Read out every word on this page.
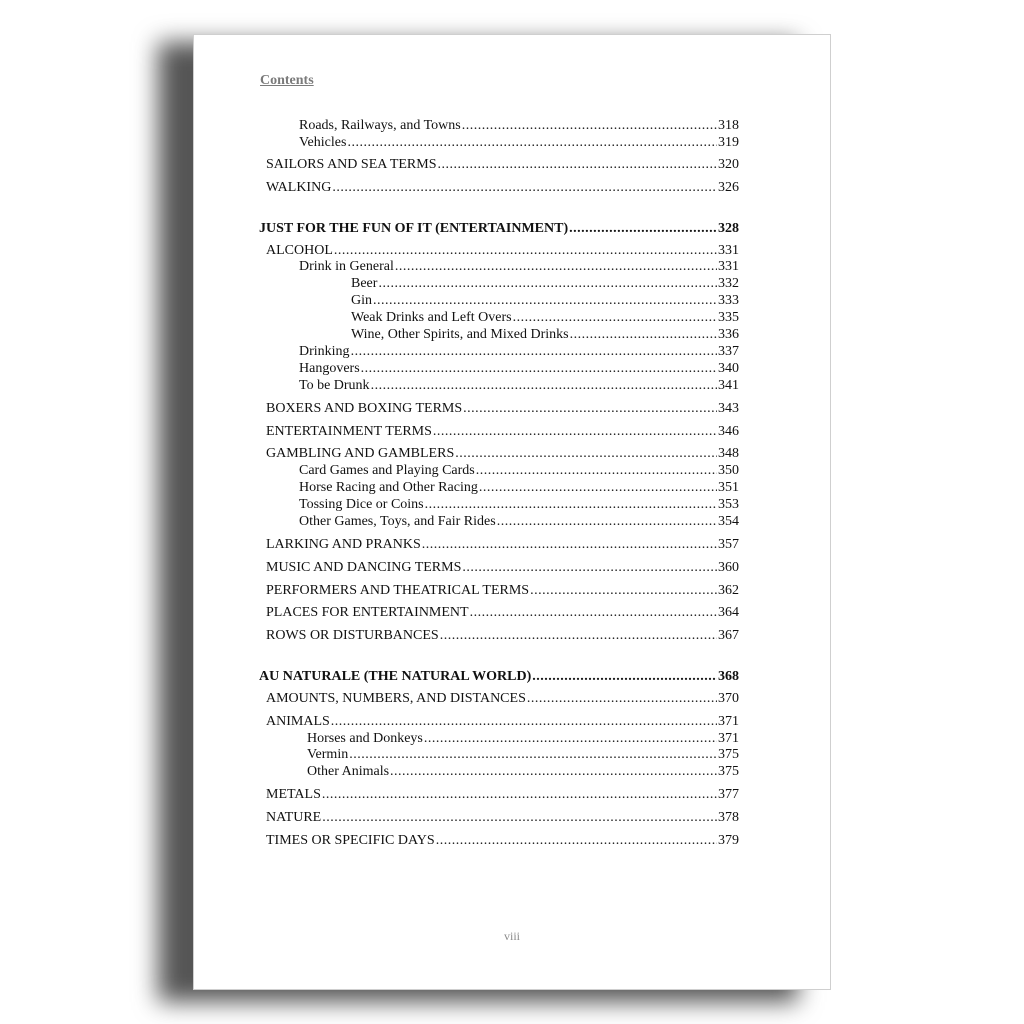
Contents
Roads, Railways, and Towns .....	318
Vehicles .....	319
SAILORS AND SEA TERMS .....	320
WALKING .....	326
JUST FOR THE FUN OF IT (ENTERTAINMENT) .....	328
ALCOHOL .....	331
Drink in General .....	331
Beer .....	332
Gin .....	333
Weak Drinks and Left Overs .....	335
Wine, Other Spirits, and Mixed Drinks .....	336
Drinking .....	337
Hangovers .....	340
To be Drunk .....	341
BOXERS AND BOXING TERMS .....	343
ENTERTAINMENT TERMS .....	346
GAMBLING AND GAMBLERS .....	348
Card Games and Playing Cards .....	350
Horse Racing and Other Racing .....	351
Tossing Dice or Coins .....	353
Other Games, Toys, and Fair Rides .....	354
LARKING AND PRANKS .....	357
MUSIC AND DANCING TERMS .....	360
PERFORMERS AND THEATRICAL TERMS .....	362
PLACES FOR ENTERTAINMENT .....	364
ROWS OR DISTURBANCES .....	367
AU NATURALE (THE NATURAL WORLD) .....	368
AMOUNTS, NUMBERS, AND DISTANCES .....	370
ANIMALS .....	371
Horses and Donkeys .....	371
Vermin .....	375
Other Animals .....	375
METALS .....	377
NATURE .....	378
TIMES OR SPECIFIC DAYS .....	379
viii
